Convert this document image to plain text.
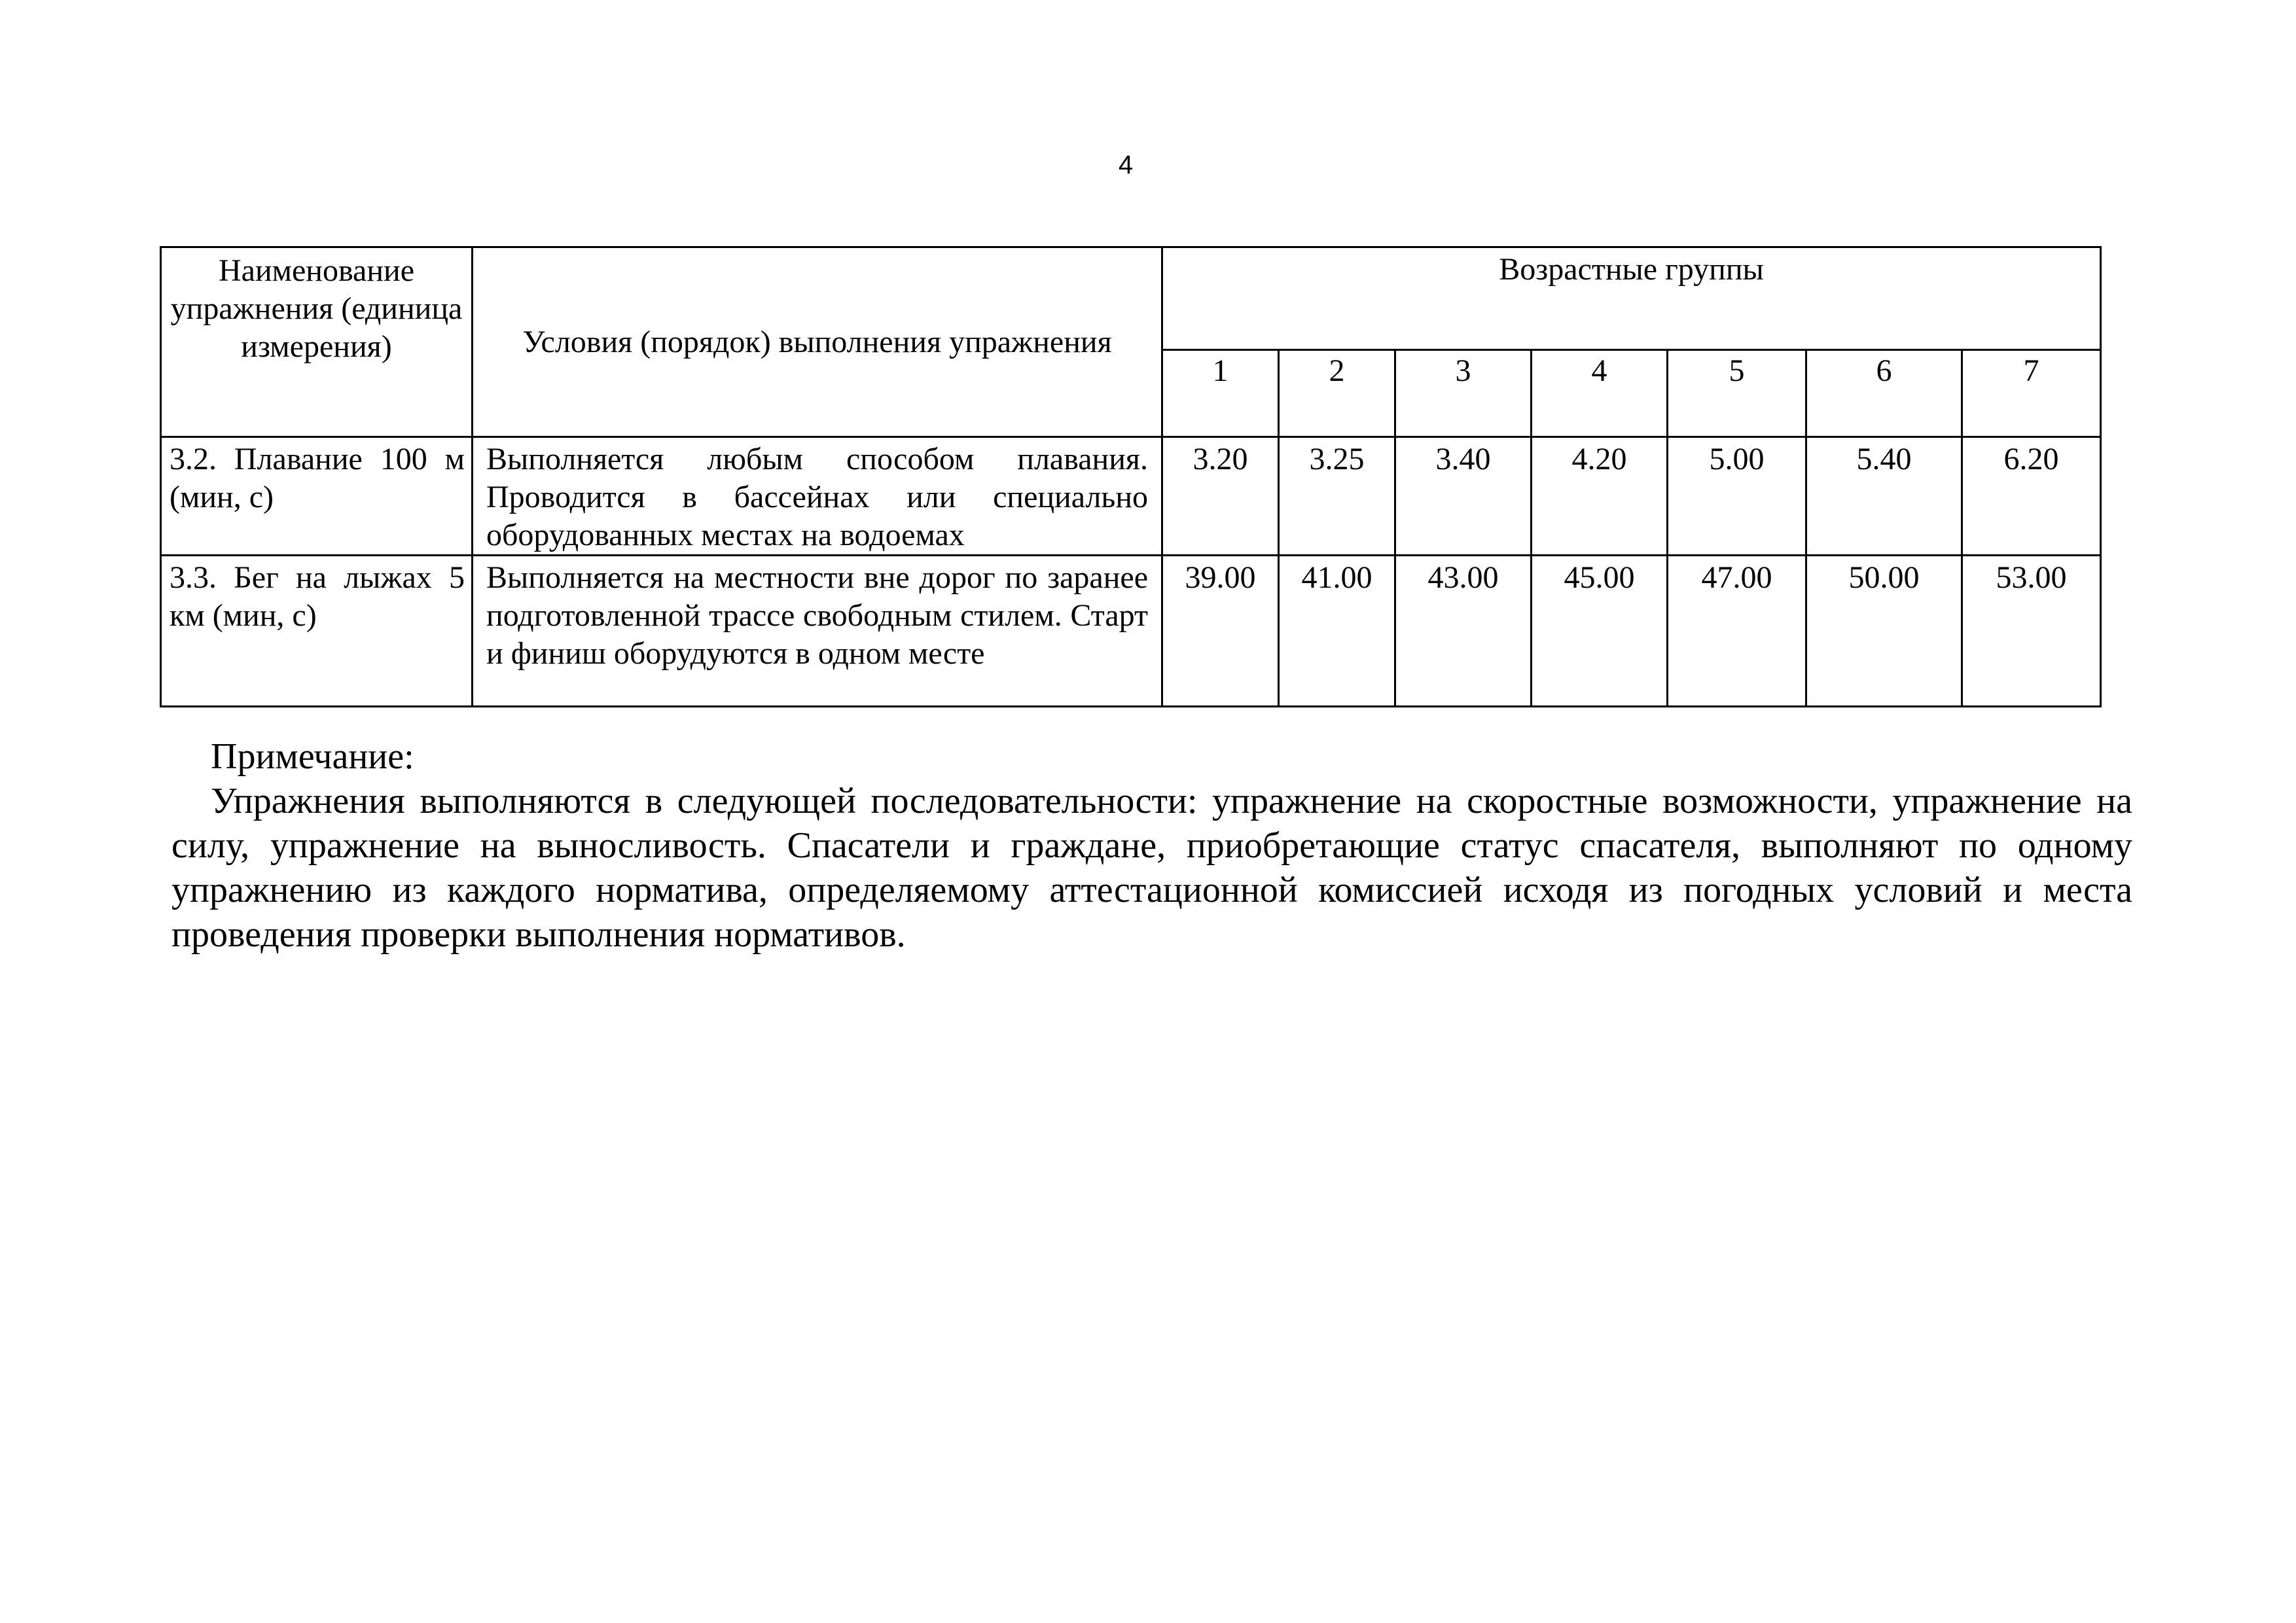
4
Наименование упражнения (единица измерения)	Условия (порядок) выполнения упражнения	Возрастные группы						
		1	2	3	4	5	6	7
3.2. Плавание 100 м (мин, с)	Выполняется любым способом плавания. Проводится в бассейнах или специально оборудованных местах на водоемах	3.20	3.25	3.40	4.20	5.00	5.40	6.20
3.3. Бег на лыжах 5 км (мин, с)	Выполняется на местности вне дорог по заранее подготовленной трассе свободным стилем. Старт и финиш оборудуются в одном месте	39.00	41.00	43.00	45.00	47.00	50.00	53.00
Примечание:
Упражнения выполняются в следующей последовательности: упражнение на скоростные возможности, упражнение на силу, упражнение на выносливость. Спасатели и граждане, приобретающие статус спасателя, выполняют по одному упражнению из каждого норматива, определяемому аттестационной комиссией исходя из погодных условий и места проведения проверки выполнения нормативов.
